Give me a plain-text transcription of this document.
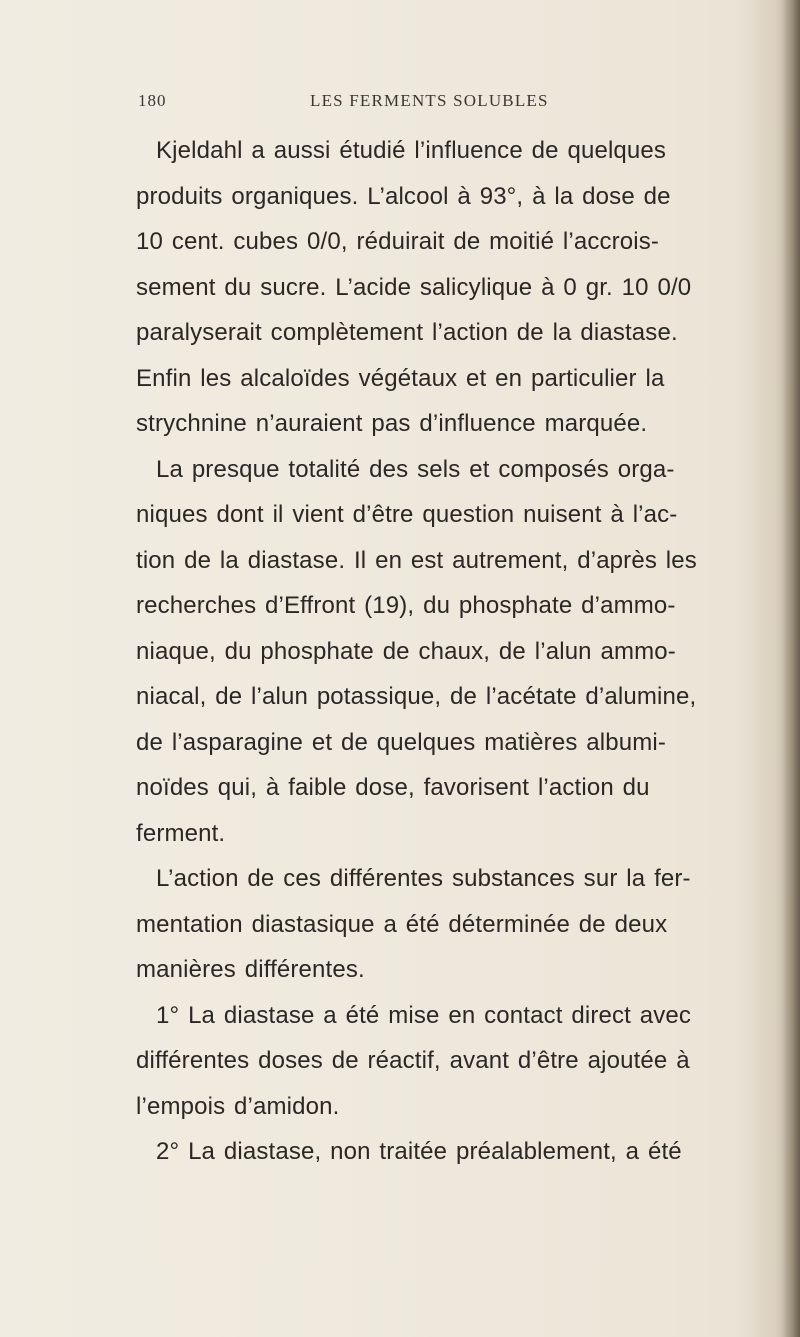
180	LES FERMENTS SOLUBLES
Kjeldahl a aussi étudié l’influence de quelques
produits organiques. L’alcool à 93°, à la dose de
10 cent. cubes 0/0, réduirait de moitié l’accrois-
sement du sucre. L’acide salicylique à 0 gr. 10 0/0
paralyserait complètement l’action de la diastase.
Enfin les alcaloïdes végétaux et en particulier la
strychnine n’auraient pas d’influence marquée.
La presque totalité des sels et composés orga-
niques dont il vient d’être question nuisent à l’ac-
tion de la diastase. Il en est autrement, d’après les
recherches d’Effront (19), du phosphate d’ammo-
niaque, du phosphate de chaux, de l’alun ammo-
niacal, de l’alun potassique, de l’acétate d’alumine,
de l’asparagine et de quelques matières albumi-
noïdes qui, à faible dose, favorisent l’action du
ferment.
L’action de ces différentes substances sur la fer-
mentation diastasique a été déterminée de deux
manières différentes.
1° La diastase a été mise en contact direct avec
différentes doses de réactif, avant d’être ajoutée à
l’empois d’amidon.
2° La diastase, non traitée préalablement, a été
